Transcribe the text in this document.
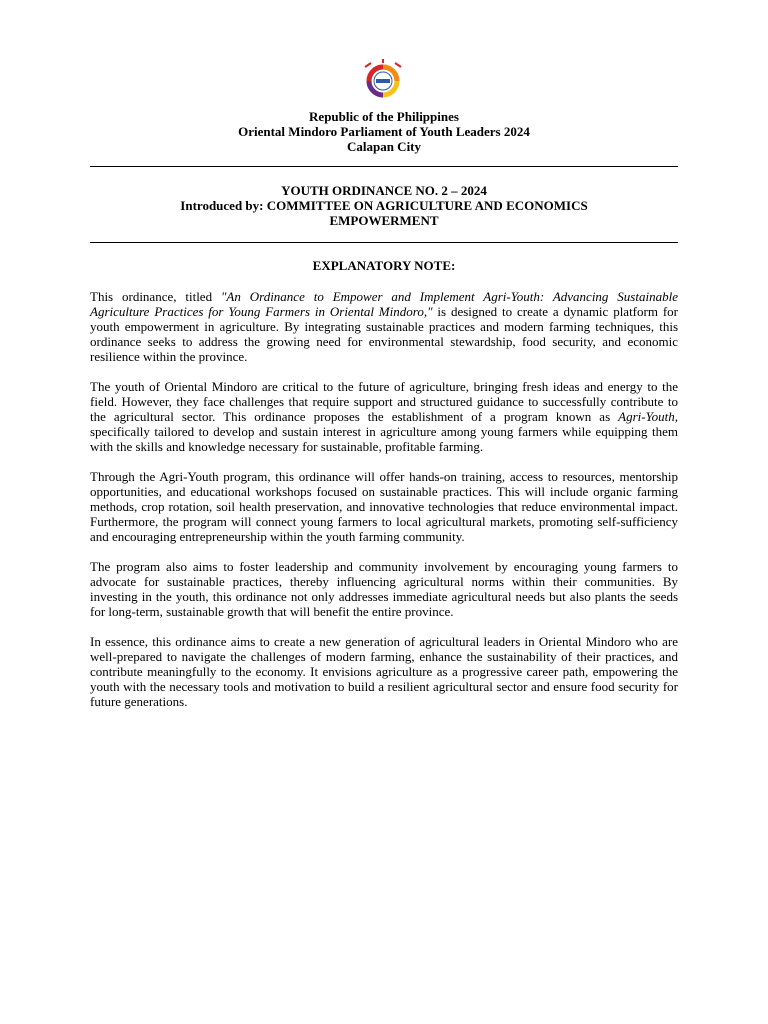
Republic of the Philippines
Oriental Mindoro Parliament of Youth Leaders 2024
Calapan City
YOUTH ORDINANCE NO. 2 – 2024
Introduced by: COMMITTEE ON AGRICULTURE AND ECONOMICS
EMPOWERMENT
EXPLANATORY NOTE:

This ordinance, titled "An Ordinance to Empower and Implement Agri-Youth: Advancing Sustainable Agriculture Practices for Young Farmers in Oriental Mindoro," is designed to create a dynamic platform for youth empowerment in agriculture. By integrating sustainable practices and modern farming techniques, this ordinance seeks to address the growing need for environmental stewardship, food security, and economic resilience within the province.

The youth of Oriental Mindoro are critical to the future of agriculture, bringing fresh ideas and energy to the field. However, they face challenges that require support and structured guidance to successfully contribute to the agricultural sector. This ordinance proposes the establishment of a program known as Agri-Youth, specifically tailored to develop and sustain interest in agriculture among young farmers while equipping them with the skills and knowledge necessary for sustainable, profitable farming.

Through the Agri-Youth program, this ordinance will offer hands-on training, access to resources, mentorship opportunities, and educational workshops focused on sustainable practices. This will include organic farming methods, crop rotation, soil health preservation, and innovative technologies that reduce environmental impact. Furthermore, the program will connect young farmers to local agricultural markets, promoting self-sufficiency and encouraging entrepreneurship within the youth farming community.

The program also aims to foster leadership and community involvement by encouraging young farmers to advocate for sustainable practices, thereby influencing agricultural norms within their communities. By investing in the youth, this ordinance not only addresses immediate agricultural needs but also plants the seeds for long-term, sustainable growth that will benefit the entire province.

In essence, this ordinance aims to create a new generation of agricultural leaders in Oriental Mindoro who are well-prepared to navigate the challenges of modern farming, enhance the sustainability of their practices, and contribute meaningfully to the economy. It envisions agriculture as a progressive career path, empowering the youth with the necessary tools and motivation to build a resilient agricultural sector and ensure food security for future generations.
